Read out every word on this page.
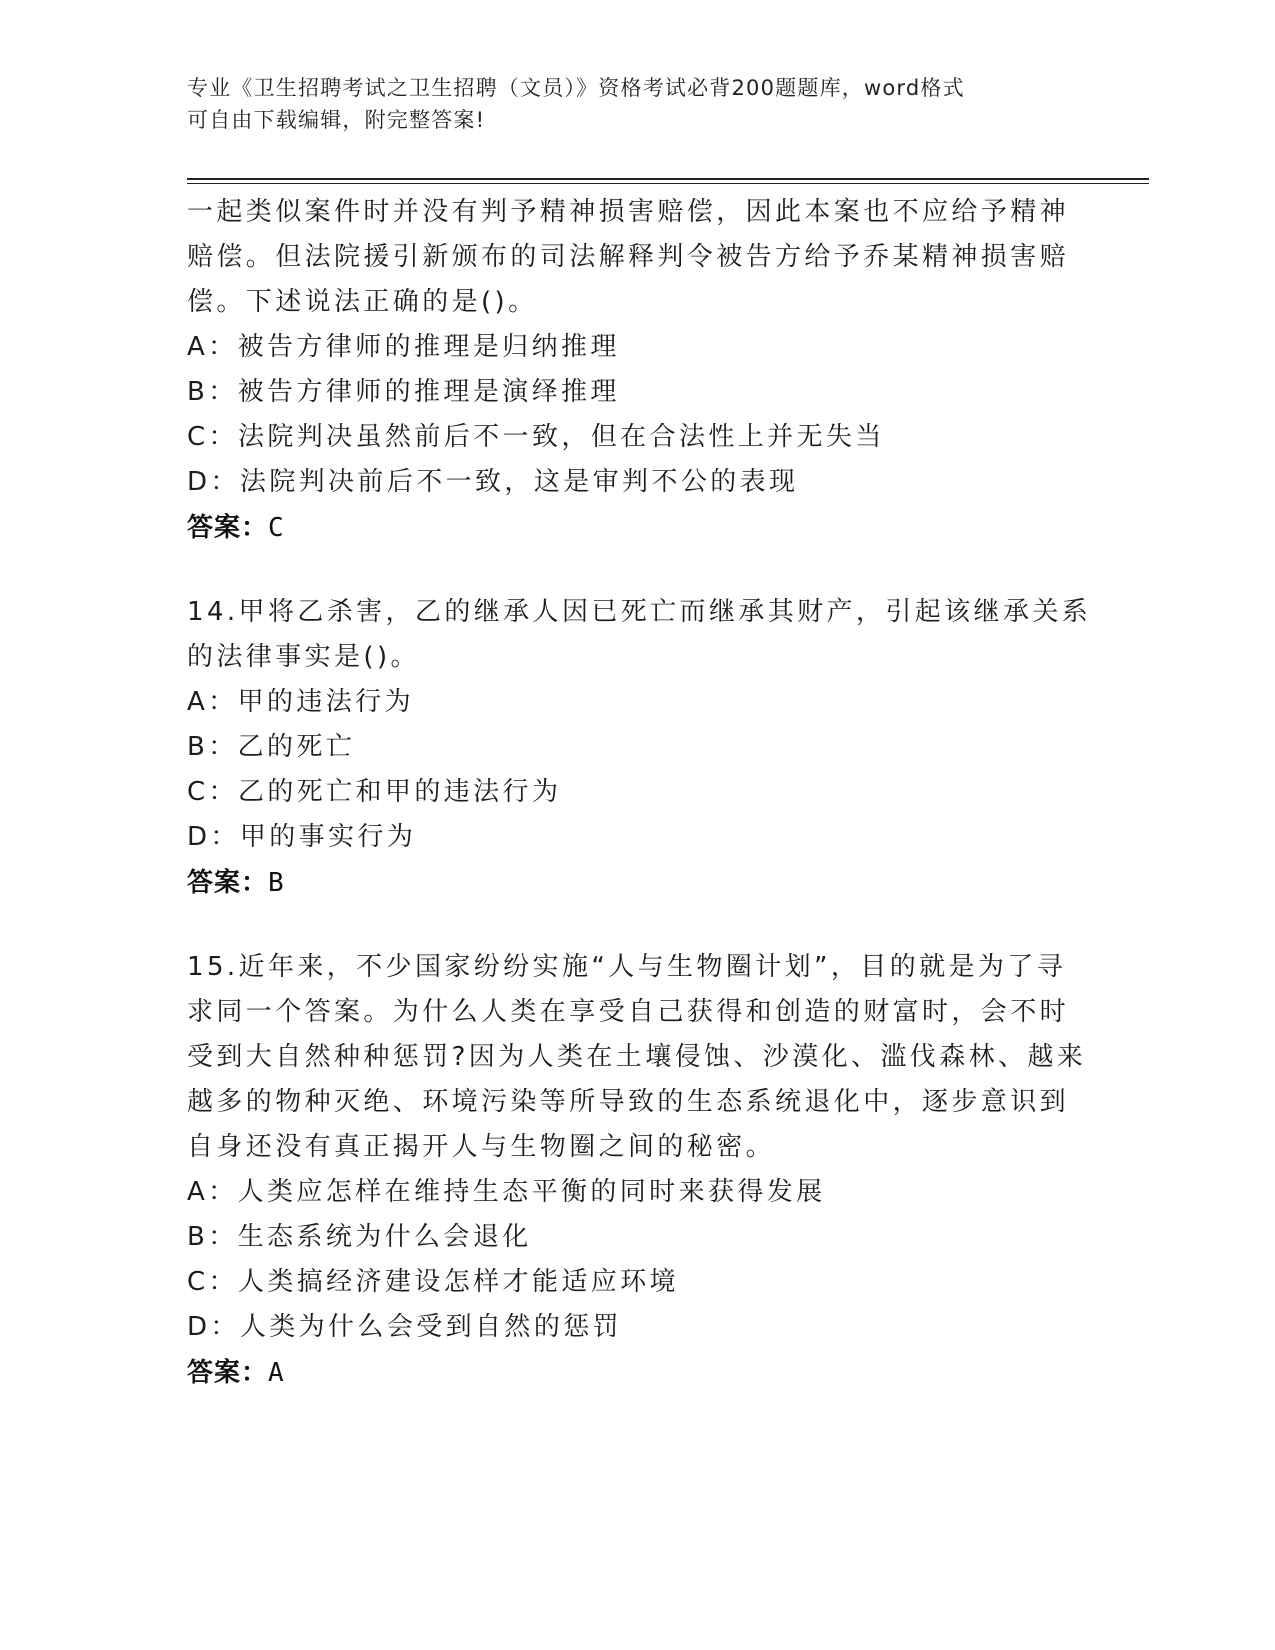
专业《卫生招聘考试之卫生招聘（文员）》资格考试必背200题题库，word格式
可自由下载编辑，附完整答案!
一起类似案件时并没有判予精神损害赔偿，因此本案也不应给予精神
赔偿。但法院援引新颁布的司法解释判令被告方给予乔某精神损害赔
偿。下述说法正确的是()。
A：被告方律师的推理是归纳推理
B：被告方律师的推理是演绎推理
C：法院判决虽然前后不一致，但在合法性上并无失当
D：法院判决前后不一致，这是审判不公的表现
答案：C
14.甲将乙杀害，乙的继承人因已死亡而继承其财产，引起该继承关系
的法律事实是()。
A：甲的违法行为
B：乙的死亡
C：乙的死亡和甲的违法行为
D：甲的事实行为
答案：B
15.近年来，不少国家纷纷实施“人与生物圈计划”，目的就是为了寻
求同一个答案。为什么人类在享受自己获得和创造的财富时，会不时
受到大自然种种惩罚?因为人类在土壤侵蚀、沙漠化、滥伐森林、越来
越多的物种灭绝、环境污染等所导致的生态系统退化中，逐步意识到
自身还没有真正揭开人与生物圈之间的秘密。
A：人类应怎样在维持生态平衡的同时来获得发展
B：生态系统为什么会退化
C：人类搞经济建设怎样才能适应环境
D：人类为什么会受到自然的惩罚
答案：A
